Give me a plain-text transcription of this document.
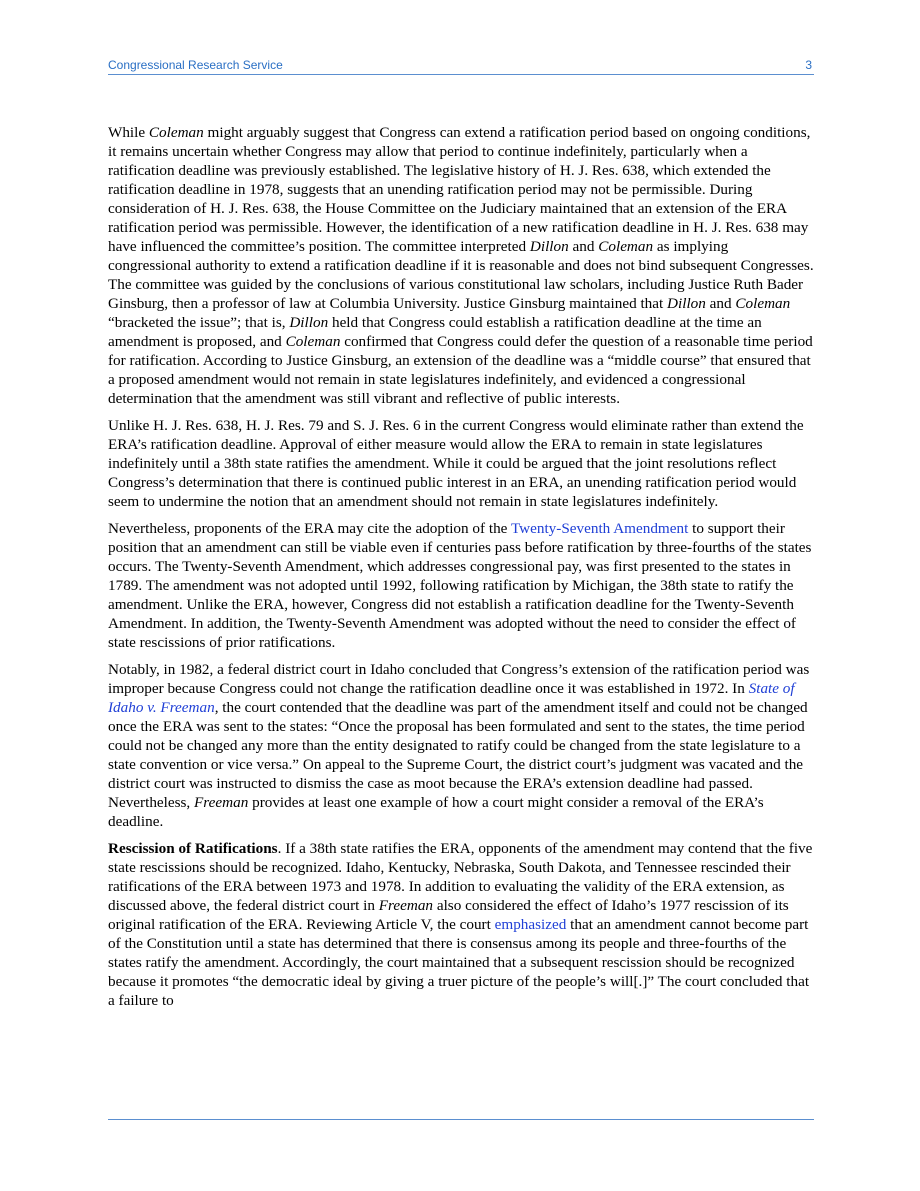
Congressional Research Service	3

While Coleman might arguably suggest that Congress can extend a ratification period based on ongoing conditions, it remains uncertain whether Congress may allow that period to continue indefinitely, particularly when a ratification deadline was previously established. The legislative history of H. J. Res. 638, which extended the ratification deadline in 1978, suggests that an unending ratification period may not be permissible. During consideration of H. J. Res. 638, the House Committee on the Judiciary maintained that an extension of the ERA ratification period was permissible. However, the identification of a new ratification deadline in H. J. Res. 638 may have influenced the committee’s position. The committee interpreted Dillon and Coleman as implying congressional authority to extend a ratification deadline if it is reasonable and does not bind subsequent Congresses. The committee was guided by the conclusions of various constitutional law scholars, including Justice Ruth Bader Ginsburg, then a professor of law at Columbia University. Justice Ginsburg maintained that Dillon and Coleman “bracketed the issue”; that is, Dillon held that Congress could establish a ratification deadline at the time an amendment is proposed, and Coleman confirmed that Congress could defer the question of a reasonable time period for ratification. According to Justice Ginsburg, an extension of the deadline was a “middle course” that ensured that a proposed amendment would not remain in state legislatures indefinitely, and evidenced a congressional determination that the amendment was still vibrant and reflective of public interests.

Unlike H. J. Res. 638, H. J. Res. 79 and S. J. Res. 6 in the current Congress would eliminate rather than extend the ERA’s ratification deadline. Approval of either measure would allow the ERA to remain in state legislatures indefinitely until a 38th state ratifies the amendment. While it could be argued that the joint resolutions reflect Congress’s determination that there is continued public interest in an ERA, an unending ratification period would seem to undermine the notion that an amendment should not remain in state legislatures indefinitely.

Nevertheless, proponents of the ERA may cite the adoption of the Twenty-Seventh Amendment to support their position that an amendment can still be viable even if centuries pass before ratification by three-fourths of the states occurs. The Twenty-Seventh Amendment, which addresses congressional pay, was first presented to the states in 1789. The amendment was not adopted until 1992, following ratification by Michigan, the 38th state to ratify the amendment. Unlike the ERA, however, Congress did not establish a ratification deadline for the Twenty-Seventh Amendment. In addition, the Twenty-Seventh Amendment was adopted without the need to consider the effect of state rescissions of prior ratifications.

Notably, in 1982, a federal district court in Idaho concluded that Congress’s extension of the ratification period was improper because Congress could not change the ratification deadline once it was established in 1972. In State of Idaho v. Freeman, the court contended that the deadline was part of the amendment itself and could not be changed once the ERA was sent to the states: “Once the proposal has been formulated and sent to the states, the time period could not be changed any more than the entity designated to ratify could be changed from the state legislature to a state convention or vice versa.” On appeal to the Supreme Court, the district court’s judgment was vacated and the district court was instructed to dismiss the case as moot because the ERA’s extension deadline had passed. Nevertheless, Freeman provides at least one example of how a court might consider a removal of the ERA’s deadline.

Rescission of Ratifications. If a 38th state ratifies the ERA, opponents of the amendment may contend that the five state rescissions should be recognized. Idaho, Kentucky, Nebraska, South Dakota, and Tennessee rescinded their ratifications of the ERA between 1973 and 1978. In addition to evaluating the validity of the ERA extension, as discussed above, the federal district court in Freeman also considered the effect of Idaho’s 1977 rescission of its original ratification of the ERA. Reviewing Article V, the court emphasized that an amendment cannot become part of the Constitution until a state has determined that there is consensus among its people and three-fourths of the states ratify the amendment. Accordingly, the court maintained that a subsequent rescission should be recognized because it promotes “the democratic ideal by giving a truer picture of the people’s will[.]” The court concluded that a failure to
